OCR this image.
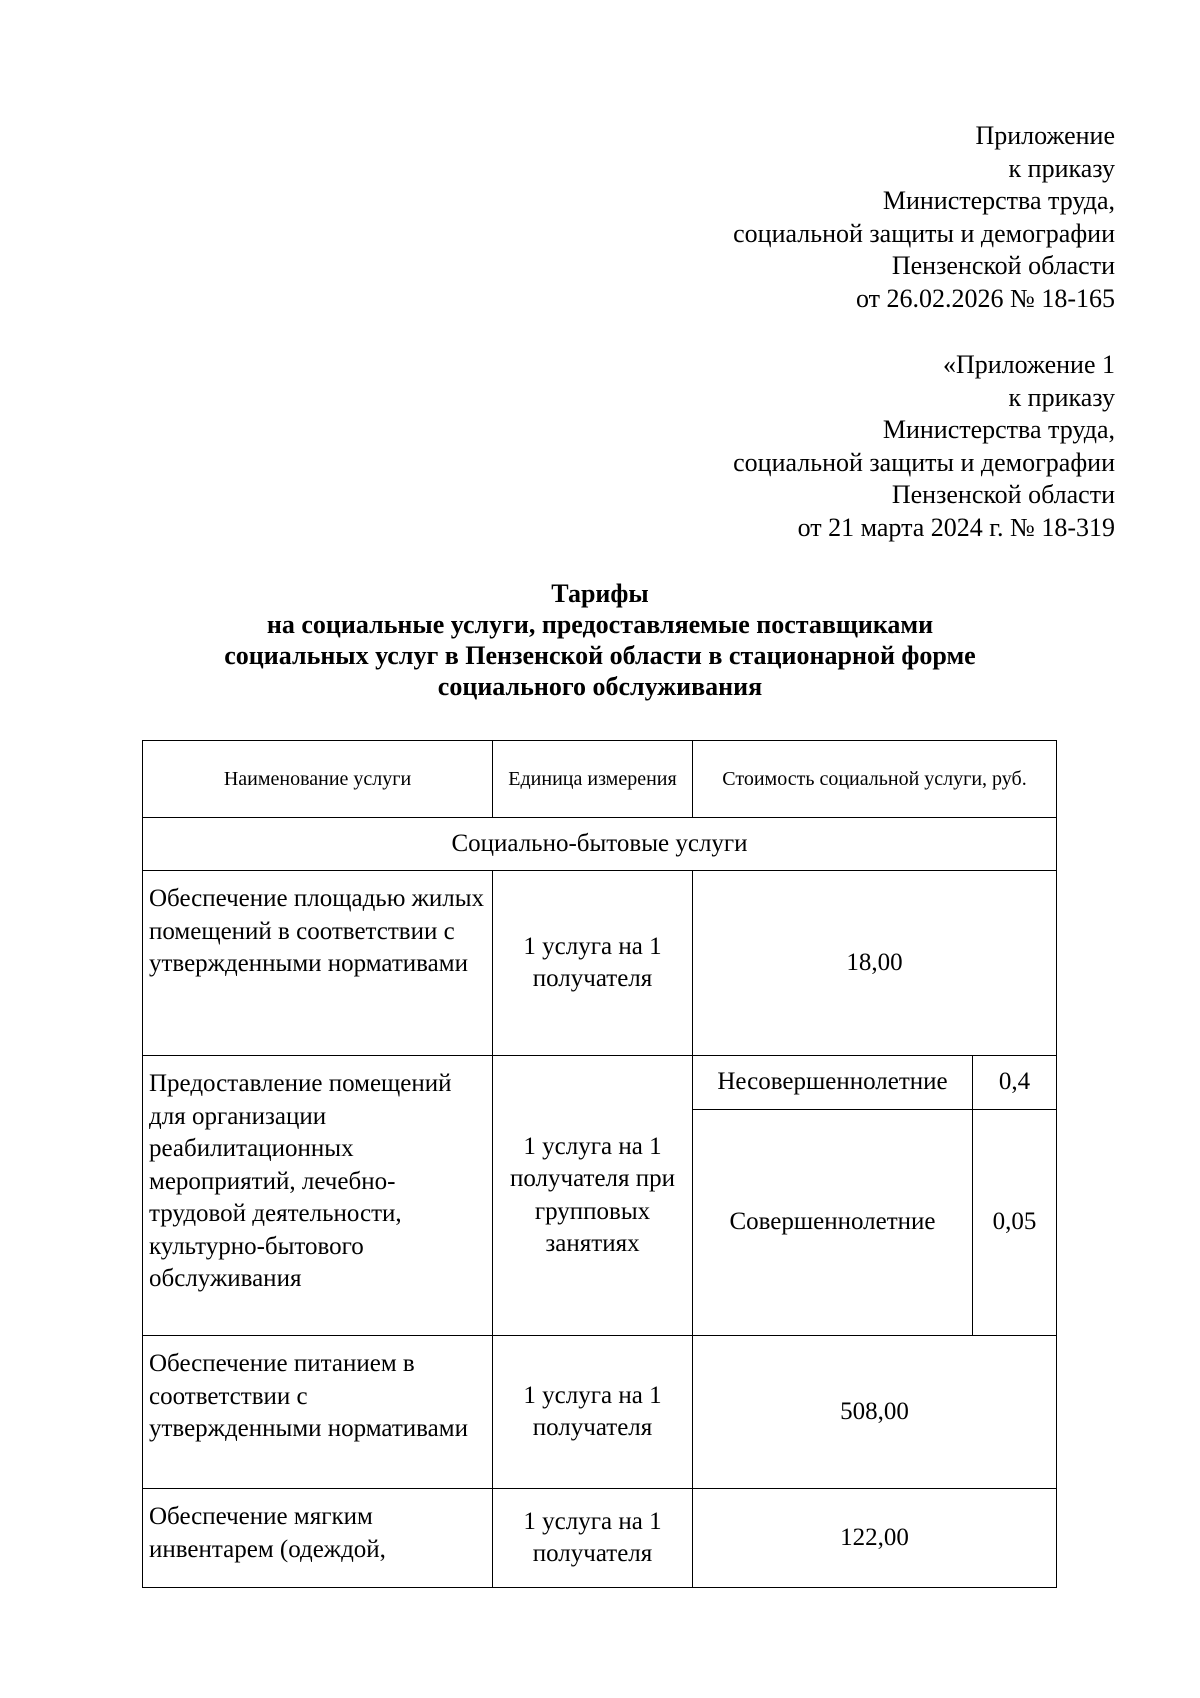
Приложение
к приказу
Министерства труда,
социальной защиты и демографии
Пензенской области
от 26.02.2026 № 18-165
«Приложение 1
к приказу
Министерства труда,
социальной защиты и демографии
Пензенской области
от 21 марта 2024 г. № 18-319
Тарифы
на социальные услуги, предоставляемые поставщиками
социальных услуг в Пензенской области в стационарной форме
социального обслуживания
Наименование услуги	Единица измерения	Стоимость социальной услуги, руб.	
Социально-бытовые услуги			
Обеспечение площадью жилых помещений в соответствии с утвержденными нормативами	1 услуга на 1 получателя	18,00	
Предоставление помещений для организации реабилитационных мероприятий, лечебно-трудовой деятельности, культурно-бытового обслуживания	1 услуга на 1 получателя при групповых занятиях	Несовершеннолетние	0,4
		Совершеннолетние	0,05
Обеспечение питанием в соответствии с утвержденными нормативами	1 услуга на 1 получателя	508,00	
Обеспечение мягким инвентарем (одеждой,	1 услуга на 1 получателя	122,00	
